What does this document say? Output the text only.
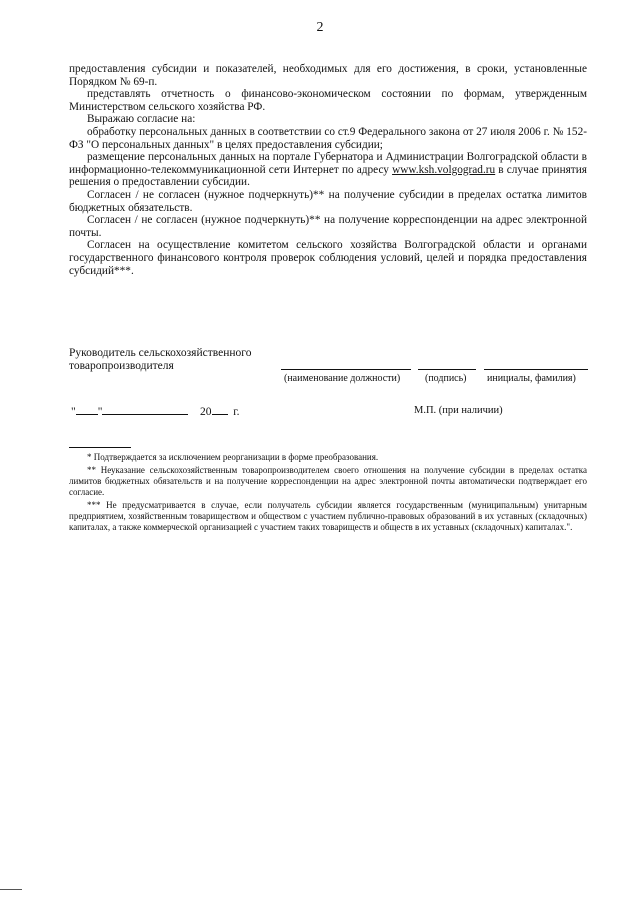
2

предоставления субсидии и показателей, необходимых для его достижения, в сроки, установленные Порядком № 69-п.

представлять отчетность о финансово-экономическом состоянии по формам, утвержденным Министерством сельского хозяйства РФ.

Выражаю согласие на:

обработку персональных данных в соответствии со ст.9 Федерального закона от 27 июля 2006 г. № 152-ФЗ "О персональных данных" в целях предоставления субсидии;

размещение персональных данных на портале Губернатора и Администрации Волгоградской области в информационно-телекоммуникационной сети Интернет по адресу www.ksh.volgograd.ru в случае принятия решения о предоставлении субсидии.

Согласен / не согласен (нужное подчеркнуть)** на получение субсидии в пределах остатка лимитов бюджетных обязательств.

Согласен / не согласен (нужное подчеркнуть)** на получение корреспонденции на адрес электронной почты.

Согласен на осуществление комитетом сельского хозяйства Волгоградской области и органами государственного финансового контроля проверок соблюдения условий, целей и порядка предоставления субсидий***.

Руководитель сельскохозяйственного
товаропроизводителя
(наименование должности) (подпись) инициалы, фамилия)
" "	20 г.	М.П. (при наличии)

* Подтверждается за исключением реорганизации в форме преобразования.

** Неуказание сельскохозяйственным товаропроизводителем своего отношения на получение субсидии в пределах остатка лимитов бюджетных обязательств и на получение корреспонденции на адрес электронной почты автоматически подтверждает его согласие.

*** Не предусматривается в случае, если получатель субсидии является государственным (муниципальным) унитарным предприятием, хозяйственным товариществом и обществом с участием публично-правовых образований в их уставных (складочных) капиталах, а также коммерческой организацией с участием таких товариществ и обществ в их уставных (складочных) капиталах.".
